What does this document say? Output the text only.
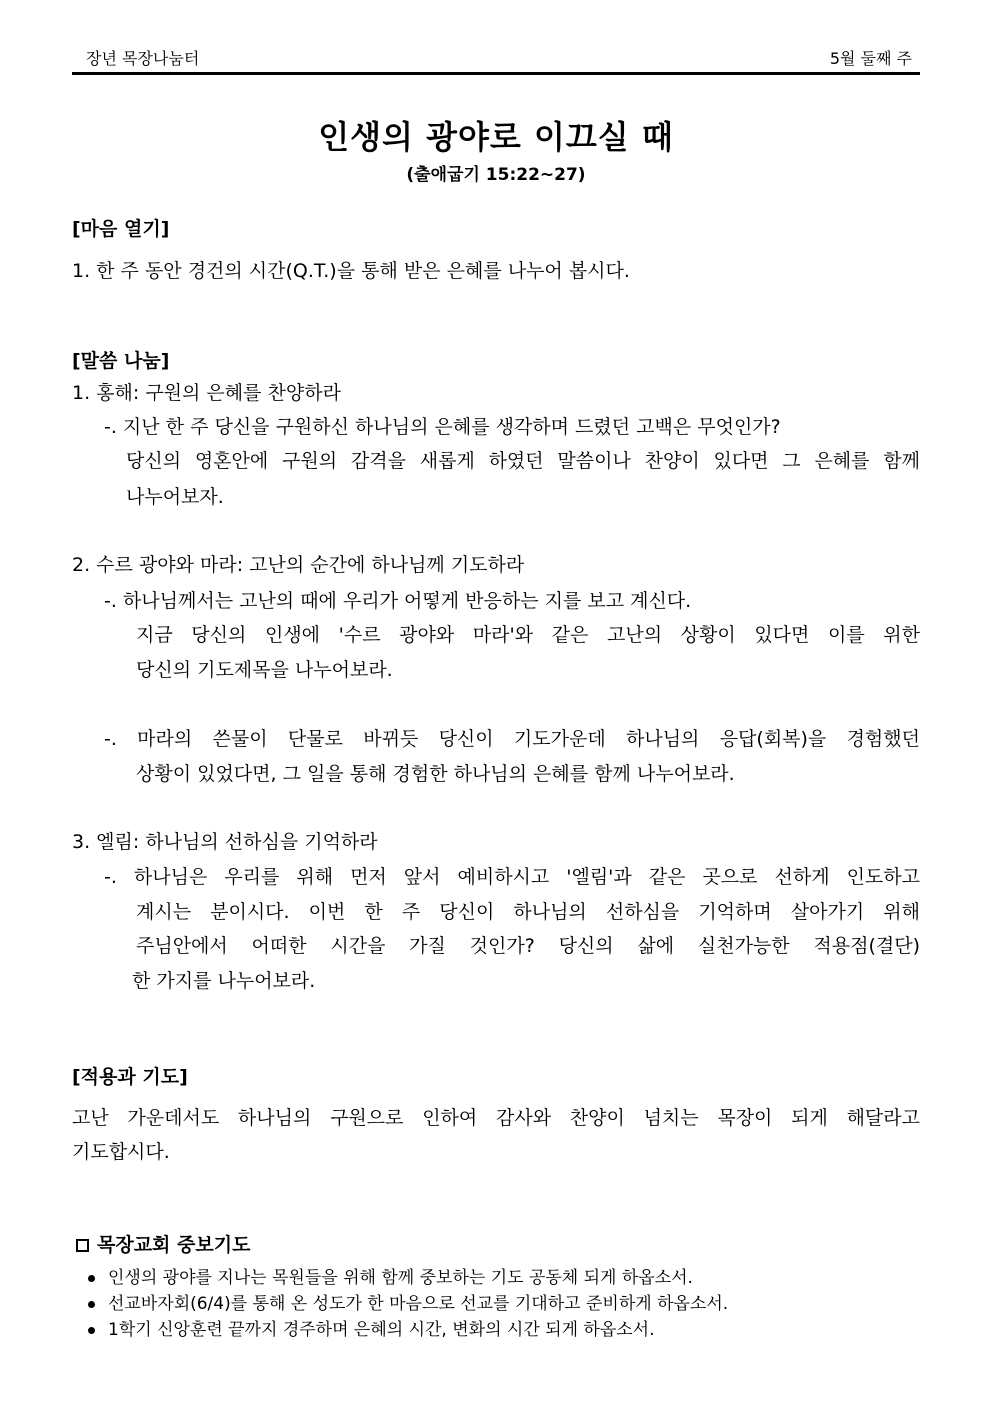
장년 목장나눔터	5월 둘째 주
인생의 광야로 이끄실 때
(출애굽기 15:22~27)
[마음 열기]
1. 한 주 동안 경건의 시간(Q.T.)을 통해 받은 은혜를 나누어 봅시다.
[말씀 나눔]
1. 홍해: 구원의 은혜를 찬양하라
-. 지난 한 주 당신을 구원하신 하나님의 은혜를 생각하며 드렸던 고백은 무엇인가?
당신의 영혼안에 구원의 감격을 새롭게 하였던 말씀이나 찬양이 있다면 그 은혜를 함께
나누어보자.
2. 수르 광야와 마라: 고난의 순간에 하나님께 기도하라
-. 하나님께서는 고난의 때에 우리가 어떻게 반응하는 지를 보고 계신다.
지금 당신의 인생에 '수르 광야와 마라'와 같은 고난의 상황이 있다면 이를 위한
당신의 기도제목을 나누어보라.
-. 마라의 쓴물이 단물로 바뀌듯 당신이 기도가운데 하나님의 응답(회복)을 경험했던
상황이 있었다면, 그 일을 통해 경험한 하나님의 은혜를 함께 나누어보라.
3. 엘림: 하나님의 선하심을 기억하라
-. 하나님은 우리를 위해 먼저 앞서 예비하시고 '엘림'과 같은 곳으로 선하게 인도하고
계시는 분이시다. 이번 한 주 당신이 하나님의 선하심을 기억하며 살아가기 위해
주님안에서 어떠한 시간을 가질 것인가? 당신의 삶에 실천가능한 적용점(결단)
한 가지를 나누어보라.
[적용과 기도]
고난 가운데서도 하나님의 구원으로 인하여 감사와 찬양이 넘치는 목장이 되게 해달라고
기도합시다.
목장교회 중보기도
인생의 광야를 지나는 목원들을 위해 함께 중보하는 기도 공동체 되게 하옵소서.
선교바자회(6/4)를 통해 온 성도가 한 마음으로 선교를 기대하고 준비하게 하옵소서.
1학기 신앙훈련 끝까지 경주하며 은혜의 시간, 변화의 시간 되게 하옵소서.
